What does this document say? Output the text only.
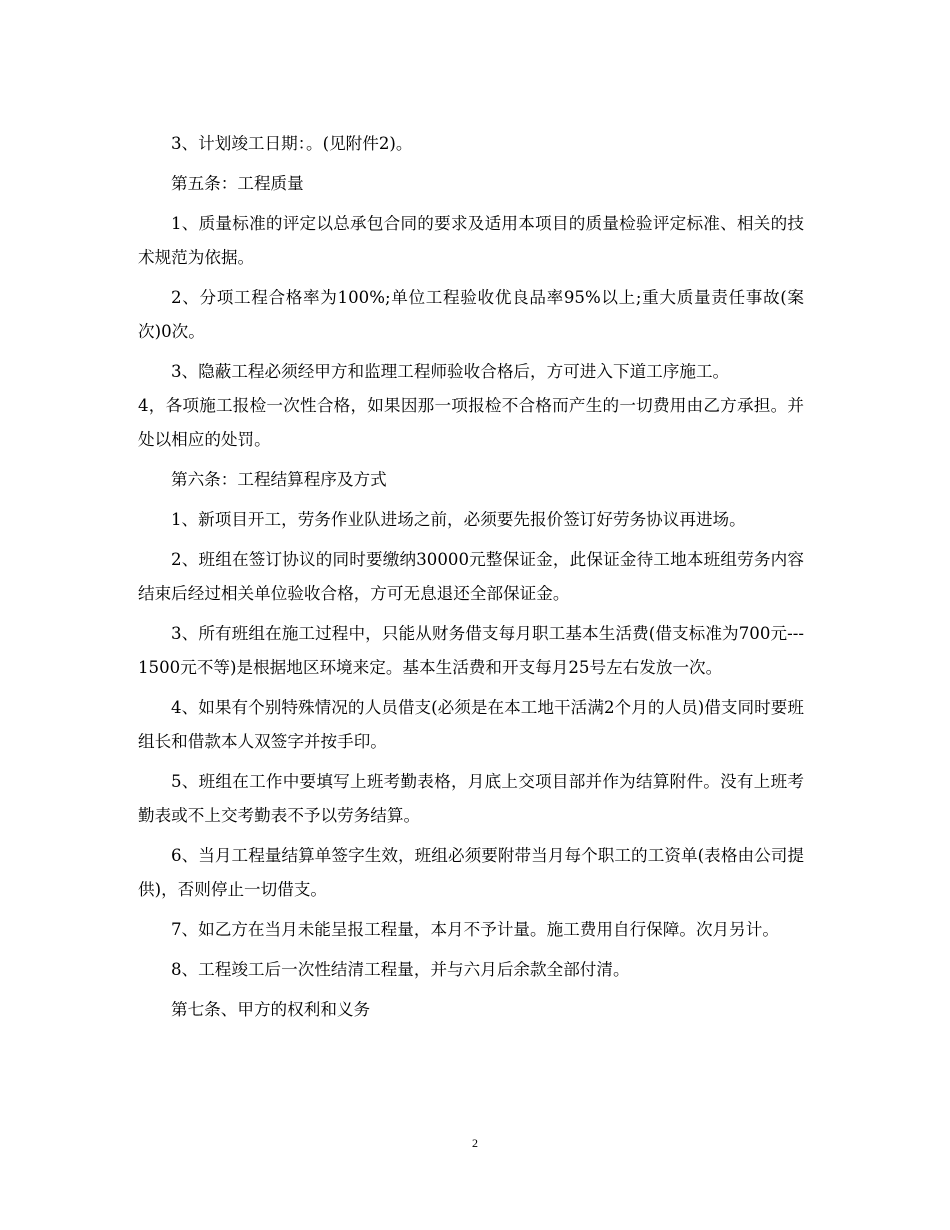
3、计划竣工日期：。(见附件2)。

第五条：工程质量

1、质量标准的评定以总承包合同的要求及适用本项目的质量检验评定标准、相关的技术规范为依据。

2、分项工程合格率为100%;单位工程验收优良品率95%以上;重大质量责任事故(案次)0次。

3、隐蔽工程必须经甲方和监理工程师验收合格后，方可进入下道工序施工。

4，各项施工报检一次性合格，如果因那一项报检不合格而产生的一切费用由乙方承担。并处以相应的处罚。

第六条：工程结算程序及方式

1、新项目开工，劳务作业队进场之前，必须要先报价签订好劳务协议再进场。

2、班组在签订协议的同时要缴纳30000元整保证金，此保证金待工地本班组劳务内容结束后经过相关单位验收合格，方可无息退还全部保证金。

3、所有班组在施工过程中，只能从财务借支每月职工基本生活费(借支标准为700元---1500元不等)是根据地区环境来定。基本生活费和开支每月25号左右发放一次。

4、如果有个别特殊情况的人员借支(必须是在本工地干活满2个月的人员)借支同时要班组长和借款本人双签字并按手印。

5、班组在工作中要填写上班考勤表格，月底上交项目部并作为结算附件。没有上班考勤表或不上交考勤表不予以劳务结算。

6、当月工程量结算单签字生效，班组必须要附带当月每个职工的工资单(表格由公司提供)，否则停止一切借支。

7、如乙方在当月未能呈报工程量，本月不予计量。施工费用自行保障。次月另计。

8、工程竣工后一次性结清工程量，并与六月后余款全部付清。

第七条、甲方的权利和义务

2
